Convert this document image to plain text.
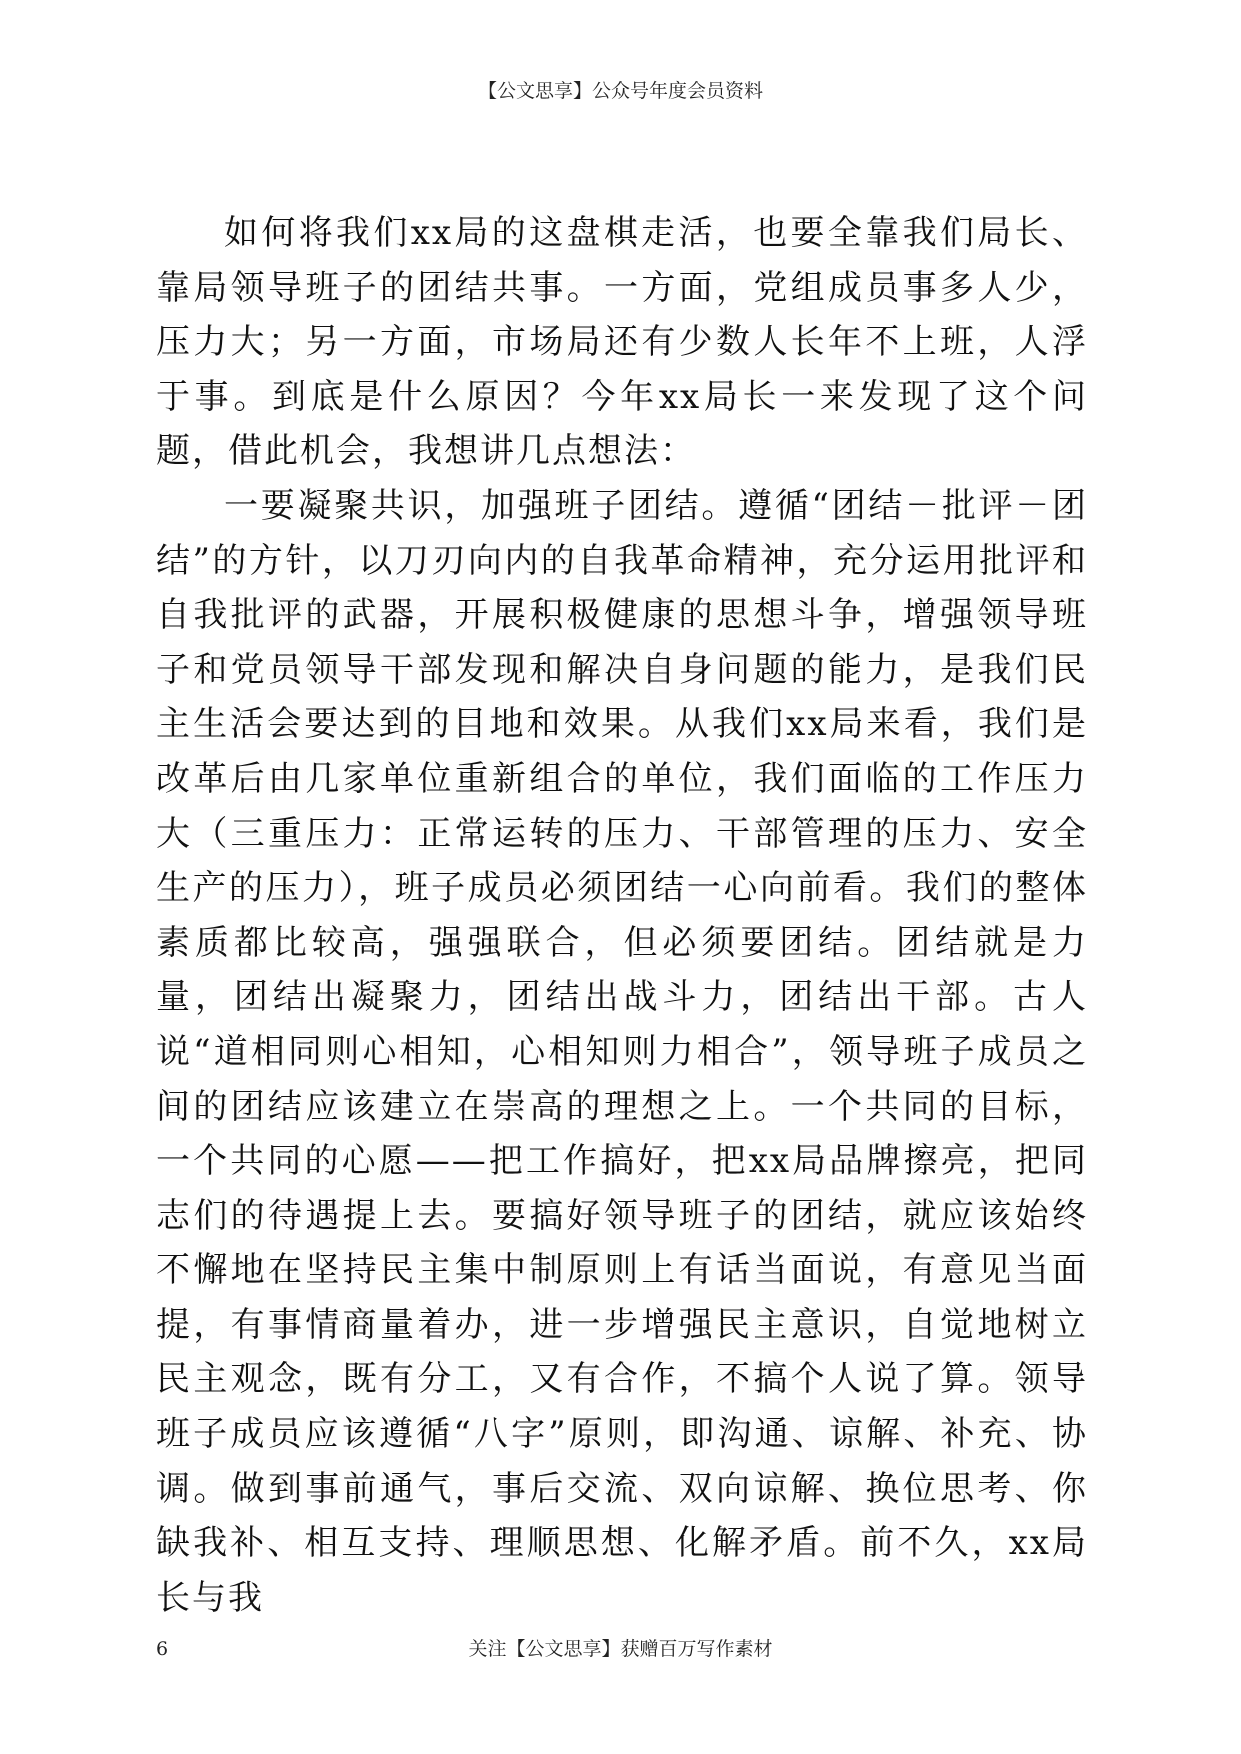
【公文思享】公众号年度会员资料

如何将我们xx局的这盘棋走活，也要全靠我们局长、靠局领导班子的团结共事。一方面，党组成员事多人少，压力大；另一方面，市场局还有少数人长年不上班，人浮于事。到底是什么原因？今年xx局长一来发现了这个问题，借此机会，我想讲几点想法：

一要凝聚共识，加强班子团结。遵循“团结－批评－团结”的方针，以刀刃向内的自我革命精神，充分运用批评和自我批评的武器，开展积极健康的思想斗争，增强领导班子和党员领导干部发现和解决自身问题的能力，是我们民主生活会要达到的目地和效果。从我们xx局来看，我们是改革后由几家单位重新组合的单位，我们面临的工作压力大（三重压力：正常运转的压力、干部管理的压力、安全生产的压力），班子成员必须团结一心向前看。我们的整体素质都比较高，强强联合，但必须要团结。团结就是力量，团结出凝聚力，团结出战斗力，团结出干部。古人说“道相同则心相知，心相知则力相合”，领导班子成员之间的团结应该建立在崇高的理想之上。一个共同的目标，一个共同的心愿——把工作搞好，把xx局品牌擦亮，把同志们的待遇提上去。要搞好领导班子的团结，就应该始终不懈地在坚持民主集中制原则上有话当面说，有意见当面提，有事情商量着办，进一步增强民主意识，自觉地树立民主观念，既有分工，又有合作，不搞个人说了算。领导班子成员应该遵循“八字”原则，即沟通、谅解、补充、协调。做到事前通气，事后交流、双向谅解、换位思考、你缺我补、相互支持、理顺思想、化解矛盾。前不久，xx局长与我

6	关注【公文思享】获赠百万写作素材
